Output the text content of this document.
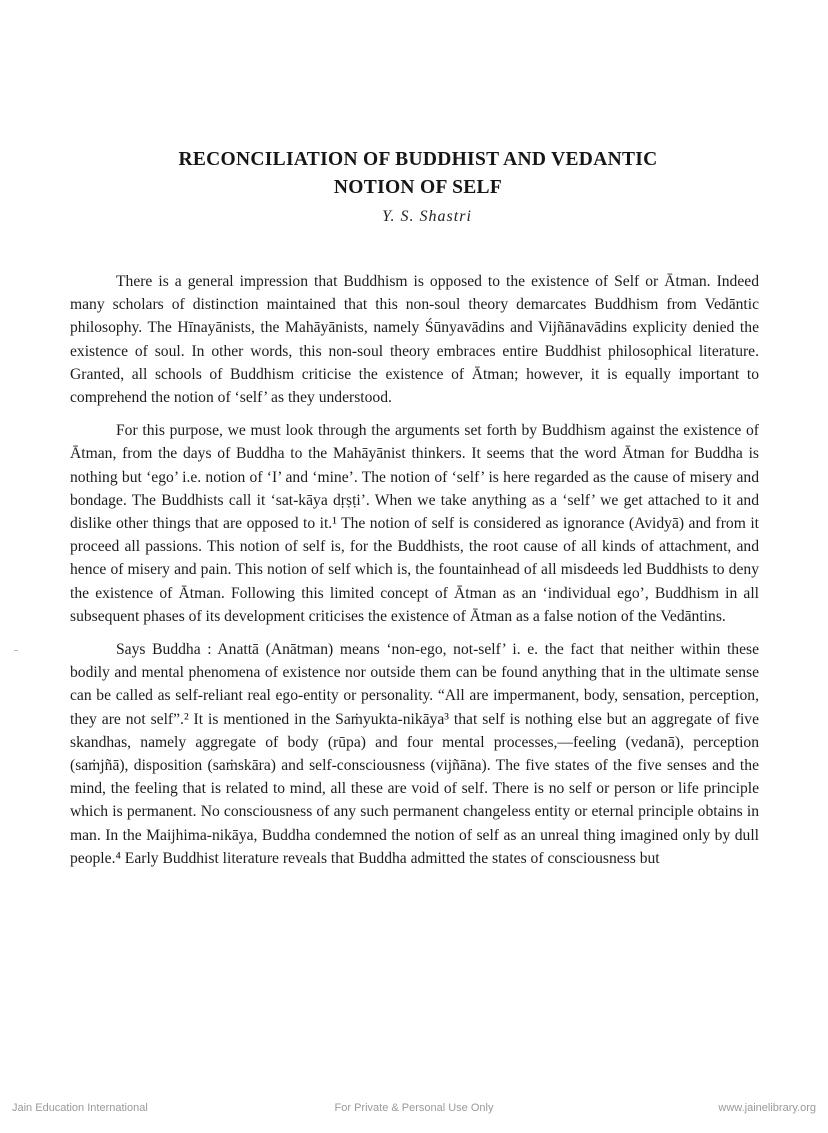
RECONCILIATION OF BUDDHIST AND VEDANTIC
NOTION OF SELF
Y. S. Shastri

There is a general impression that Buddhism is opposed to the existence of Self or Ātman. Indeed many scholars of distinction maintained that this non-soul theory demarcates Buddhism from Vedāntic philosophy. The Hīnayānists, the Mahāyānists, namely Śūnyavādins and Vijñānavādins explicity denied the existence of soul. In other words, this non-soul theory embraces entire Buddhist philosophical literature. Granted, all schools of Buddhism criticise the existence of Ātman; however, it is equally important to comprehend the notion of ‘self’ as they understood.

For this purpose, we must look through the arguments set forth by Buddhism against the existence of Ātman, from the days of Buddha to the Mahāyānist thinkers. It seems that the word Ātman for Buddha is nothing but ‘ego’ i.e. notion of ‘I’ and ‘mine’. The notion of ‘self’ is here regarded as the cause of misery and bondage. The Buddhists call it ‘sat-kāya dṛṣṭi’. When we take anything as a ‘self’ we get attached to it and dislike other things that are opposed to it.¹ The notion of self is considered as ignorance (Avidyā) and from it proceed all passions. This notion of self is, for the Buddhists, the root cause of all kinds of attachment, and hence of misery and pain. This notion of self which is, the fountainhead of all misdeeds led Buddhists to deny the existence of Ātman. Following this limited concept of Ātman as an ‘individual ego’, Buddhism in all subsequent phases of its development criticises the existence of Ātman as a false notion of the Vedāntins.

Says Buddha : Anattā (Anātman) means ‘non-ego, not-self’ i. e. the fact that neither within these bodily and mental phenomena of existence nor outside them can be found anything that in the ultimate sense can be called as self-reliant real ego-entity or personality. “All are impermanent, body, sensation, perception, they are not self”.² It is mentioned in the Saṁyukta-nikāya³ that self is nothing else but an aggregate of five skandhas, namely aggregate of body (rūpa) and four mental processes,—feeling (vedanā), perception (saṁjñā), disposition (saṁskāra) and self-consciousness (vijñāna). The five states of the five senses and the mind, the feeling that is related to mind, all these are void of self. There is no self or person or life principle which is permanent. No consciousness of any such permanent changeless entity or eternal principle obtains in man. In the Maijhima-nikāya, Buddha condemned the notion of self as an unreal thing imagined only by dull people.⁴ Early Buddhist literature reveals that Buddha admitted the states of consciousness but

Jain Education International	For Private & Personal Use Only	www.jainelibrary.org
